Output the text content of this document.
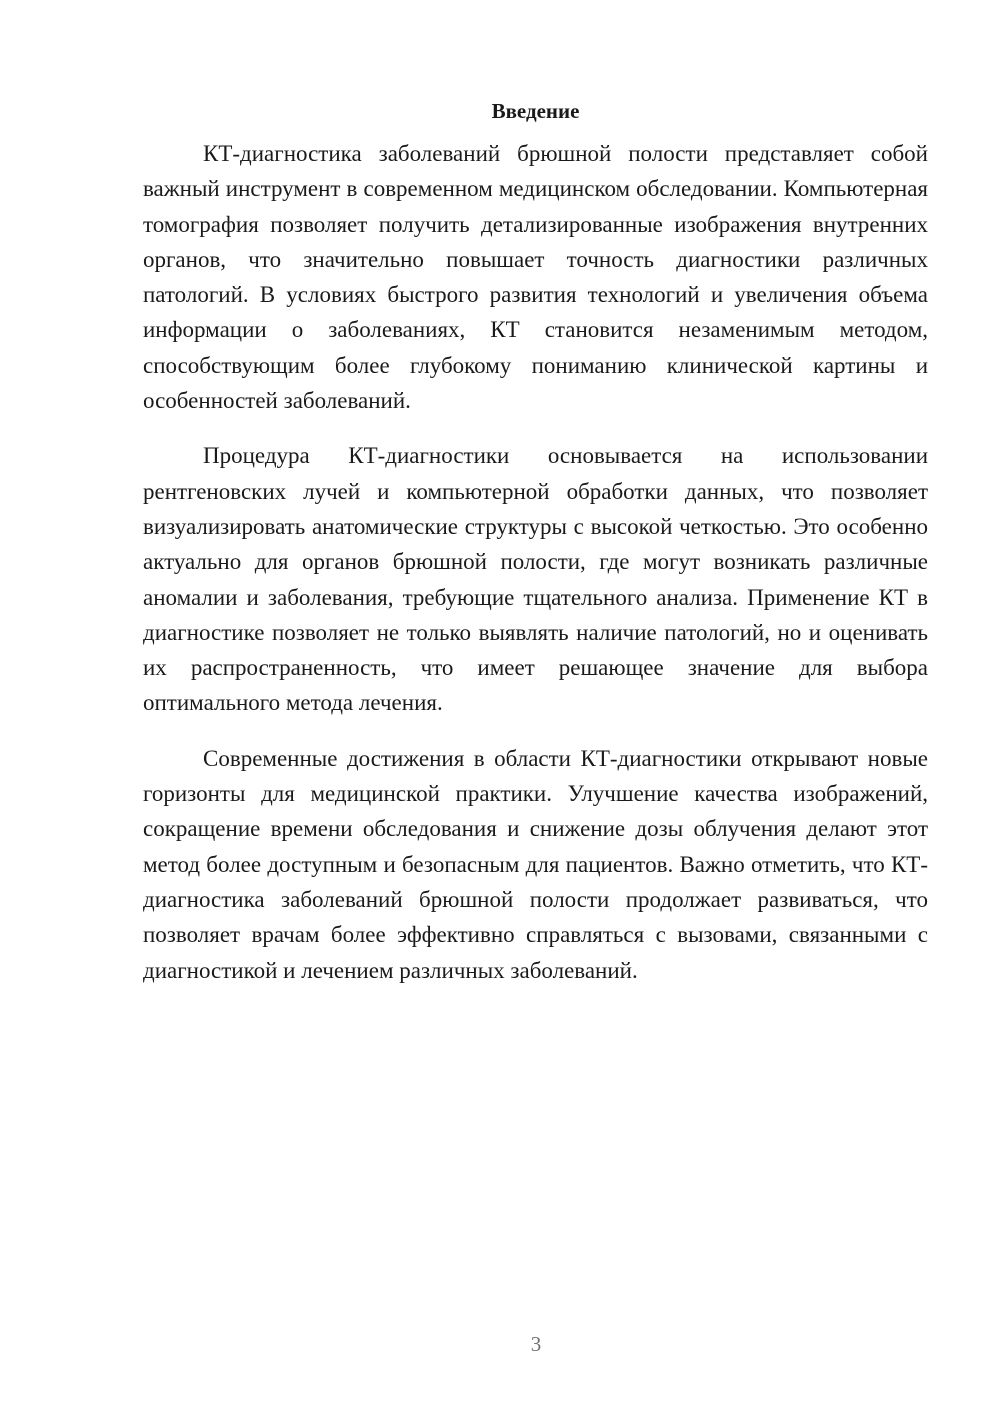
Введение

КТ-диагностика заболеваний брюшной полости представляет собой важный инструмент в современном медицинском обследовании. Компьютерная томография позволяет получить детализированные изображения внутренних органов, что значительно повышает точность диагностики различных патологий. В условиях быстрого развития технологий и увеличения объема информации о заболеваниях, КТ становится незаменимым методом, способствующим более глубокому пониманию клинической картины и особенностей заболеваний.

Процедура КТ-диагностики основывается на использовании рентгеновских лучей и компьютерной обработки данных, что позволяет визуализировать анатомические структуры с высокой четкостью. Это особенно актуально для органов брюшной полости, где могут возникать различные аномалии и заболевания, требующие тщательного анализа. Применение КТ в диагностике позволяет не только выявлять наличие патологий, но и оценивать их распространенность, что имеет решающее значение для выбора оптимального метода лечения.

Современные достижения в области КТ-диагностики открывают новые горизонты для медицинской практики. Улучшение качества изображений, сокращение времени обследования и снижение дозы облучения делают этот метод более доступным и безопасным для пациентов. Важно отметить, что КТ-диагностика заболеваний брюшной полости продолжает развиваться, что позволяет врачам более эффективно справляться с вызовами, связанными с диагностикой и лечением различных заболеваний.

3
